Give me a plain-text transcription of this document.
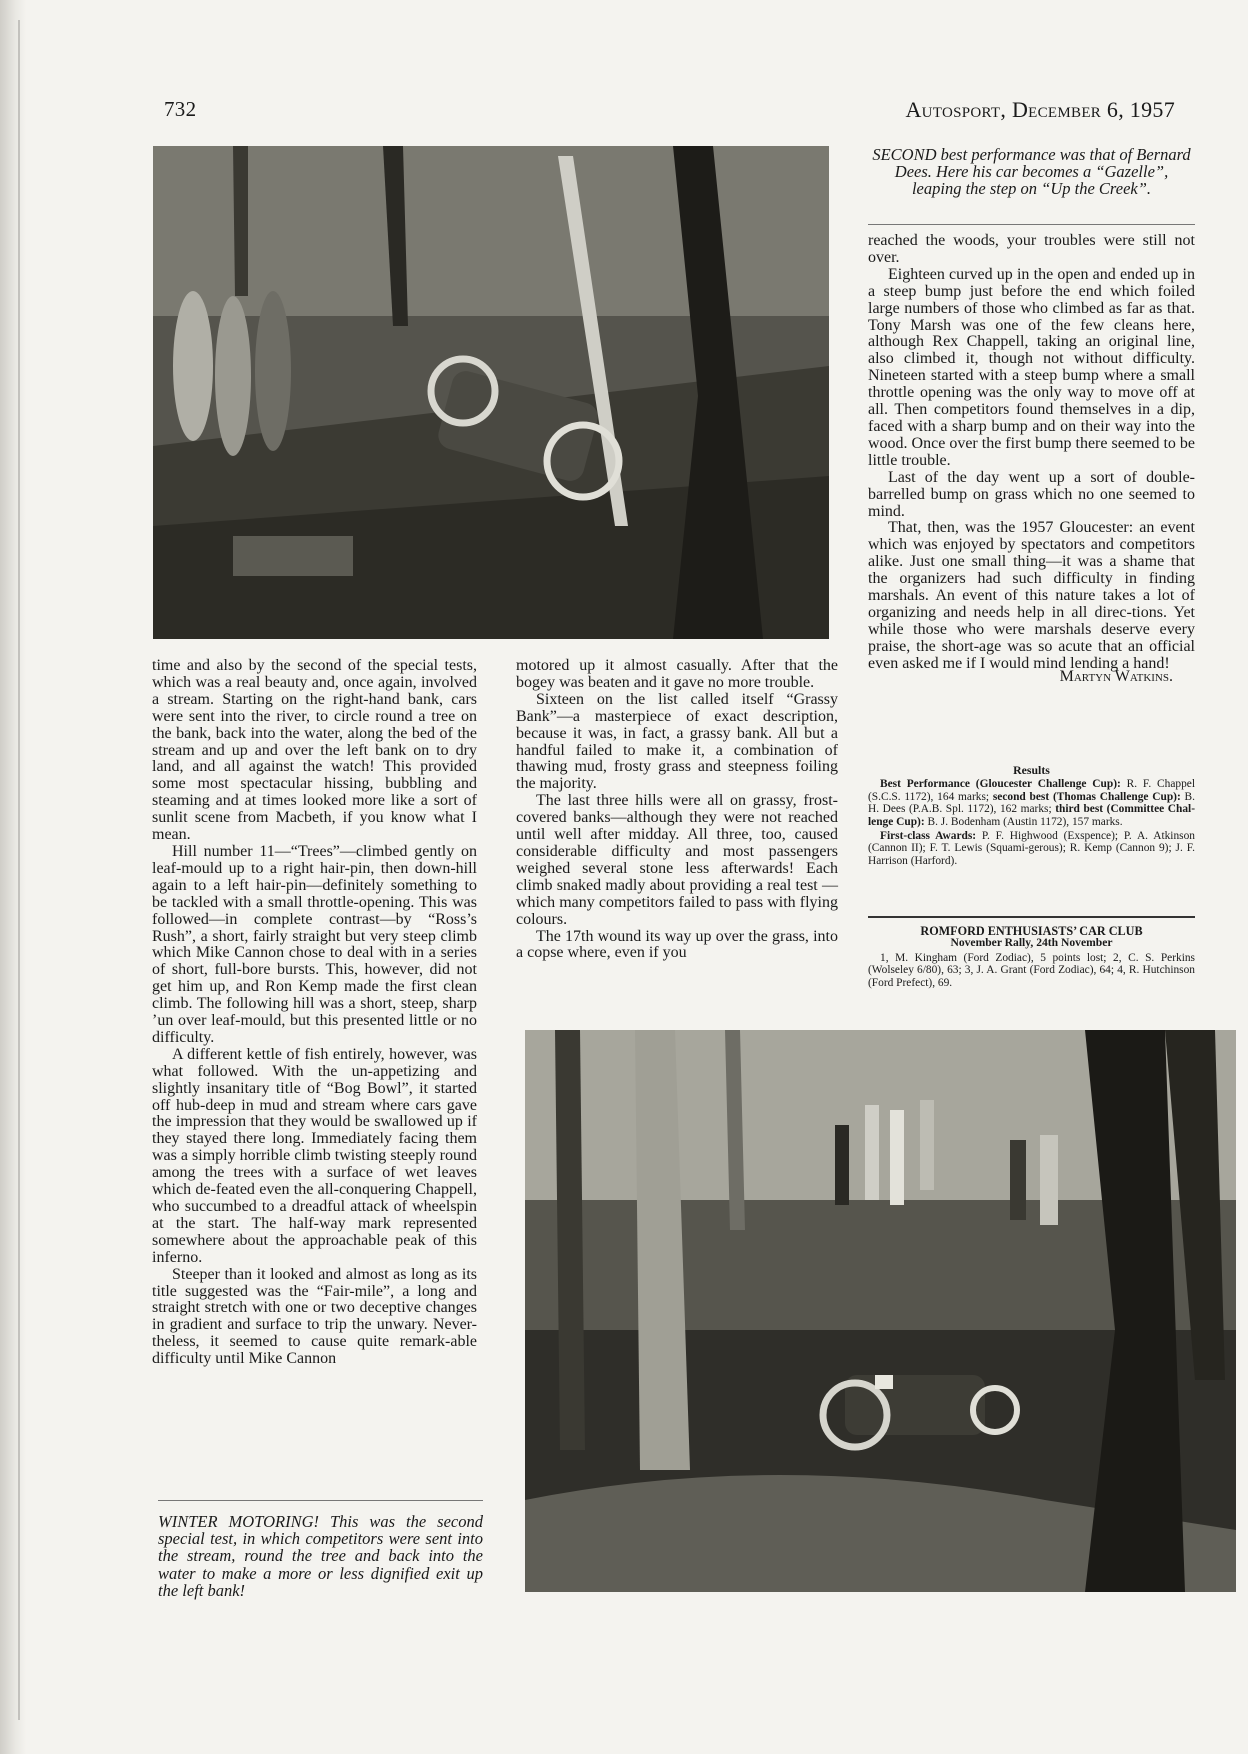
732	Autosport, December 6, 1957
SECOND best performance was that of Bernard Dees. Here his car becomes a “Gazelle”, leaping the step on “Up the Creek”.

time and also by the second of the special tests, which was a real beauty and, once again, involved a stream. Starting on the right-hand bank, cars were sent into the river, to circle round a tree on the bank, back into the water, along the bed of the stream and up and over the left bank on to dry land, and all against the watch! This provided some most spectacular hissing, bubbling and steaming and at times looked more like a sort of sunlit scene from Macbeth, if you know what I mean.

Hill number 11—“Trees”—climbed gently on leaf-mould up to a right hair-pin, then down-hill again to a left hair-pin—definitely something to be tackled with a small throttle-opening. This was followed—in complete contrast—by “Ross’s Rush”, a short, fairly straight but very steep climb which Mike Cannon chose to deal with in a series of short, full-bore bursts. This, however, did not get him up, and Ron Kemp made the first clean climb. The following hill was a short, steep, sharp ’un over leaf-mould, but this presented little or no difficulty.

A different kettle of fish entirely, however, was what followed. With the un-appetizing and slightly insanitary title of “Bog Bowl”, it started off hub-deep in mud and stream where cars gave the impression that they would be swallowed up if they stayed there long. Immediately facing them was a simply horrible climb twisting steeply round among the trees with a surface of wet leaves which de-feated even the all-conquering Chappell, who succumbed to a dreadful attack of wheelspin at the start. The half-way mark represented somewhere about the approachable peak of this inferno.

Steeper than it looked and almost as long as its title suggested was the “Fair-mile”, a long and straight stretch with one or two deceptive changes in gradient and surface to trip the unwary. Never-theless, it seemed to cause quite remark-able difficulty until Mike Cannon

WINTER MOTORING! This was the second special test, in which competitors were sent into the stream, round the tree and back into the water to make a more or less dignified exit up the left bank!

motored up it almost casually. After that the bogey was beaten and it gave no more trouble.

Sixteen on the list called itself “Grassy Bank”—a masterpiece of exact description, because it was, in fact, a grassy bank. All but a handful failed to make it, a combination of thawing mud, frosty grass and steepness foiling the majority.

The last three hills were all on grassy, frost-covered banks—although they were not reached until well after midday. All three, too, caused considerable difficulty and most passengers weighed several stone less afterwards! Each climb snaked madly about providing a real test —which many competitors failed to pass with flying colours.

The 17th wound its way up over the grass, into a copse where, even if you

reached the woods, your troubles were still not over.

Eighteen curved up in the open and ended up in a steep bump just before the end which foiled large numbers of those who climbed as far as that. Tony Marsh was one of the few cleans here, although Rex Chappell, taking an original line, also climbed it, though not without difficulty. Nineteen started with a steep bump where a small throttle opening was the only way to move off at all. Then competitors found themselves in a dip, faced with a sharp bump and on their way into the wood. Once over the first bump there seemed to be little trouble.

Last of the day went up a sort of double-barrelled bump on grass which no one seemed to mind.

That, then, was the 1957 Gloucester: an event which was enjoyed by spectators and competitors alike. Just one small thing—it was a shame that the organizers had such difficulty in finding marshals. An event of this nature takes a lot of organizing and needs help in all direc-tions. Yet while those who were marshals deserve every praise, the short-age was so acute that an official even asked me if I would mind lending a hand!

Martyn Watkins.
Results

Best Performance (Gloucester Challenge Cup): R. F. Chappel (S.C.S. 1172), 164 marks; second best (Thomas Challenge Cup): B. H. Dees (P.A.B. Spl. 1172), 162 marks; third best (Committee Chal-lenge Cup): B. J. Bodenham (Austin 1172), 157 marks.

First-class Awards: P. F. Highwood (Exspence); P. A. Atkinson (Cannon II); F. T. Lewis (Squami-gerous); R. Kemp (Cannon 9); J. F. Harrison (Harford).

ROMFORD ENTHUSIASTS’ CAR CLUB
November Rally, 24th November

1, M. Kingham (Ford Zodiac), 5 points lost; 2, C. S. Perkins (Wolseley 6/80), 63; 3, J. A. Grant (Ford Zodiac), 64; 4, R. Hutchinson (Ford Prefect), 69.
